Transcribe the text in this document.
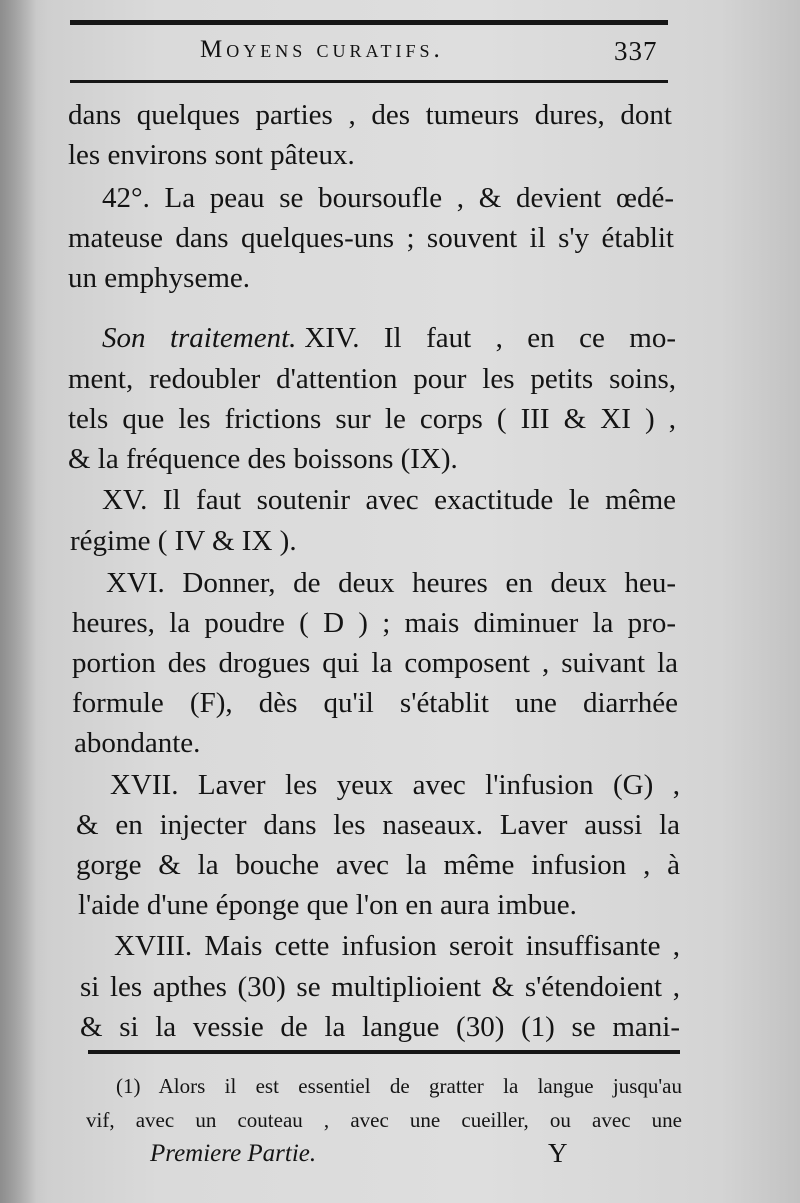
Moyens curatifs.	337
dans quelques parties , des tumeurs dures, dont
les environs sont pâteux.
42°. La peau se boursoufle , & devient œdé-
mateuse dans quelques-uns ; souvent il s'y établit
un emphyseme.
Son traitement. XIV. Il faut , en ce mo-
ment, redoubler d'attention pour les petits soins,
tels que les frictions sur le corps ( III & XI ) ,
& la fréquence des boissons (IX).
XV. Il faut soutenir avec exactitude le même
régime ( IV & IX ).
XVI. Donner, de deux heures en deux heu-
heures, la poudre ( D ) ; mais diminuer la pro-
portion des drogues qui la composent , suivant la
formule (F), dès qu'il s'établit une diarrhée
abondante.
XVII. Laver les yeux avec l'infusion (G) ,
& en injecter dans les naseaux. Laver aussi la
gorge & la bouche avec la même infusion , à
l'aide d'une éponge que l'on en aura imbue.
XVIII. Mais cette infusion seroit insuffisante ,
si les apthes (30) se multiplioient & s'étendoient ,
& si la vessie de la langue (30) (1) se mani-
(1) Alors il est essentiel de gratter la langue jusqu'au
vif, avec un couteau , avec une cueiller, ou avec une
Premiere Partie.	Y
